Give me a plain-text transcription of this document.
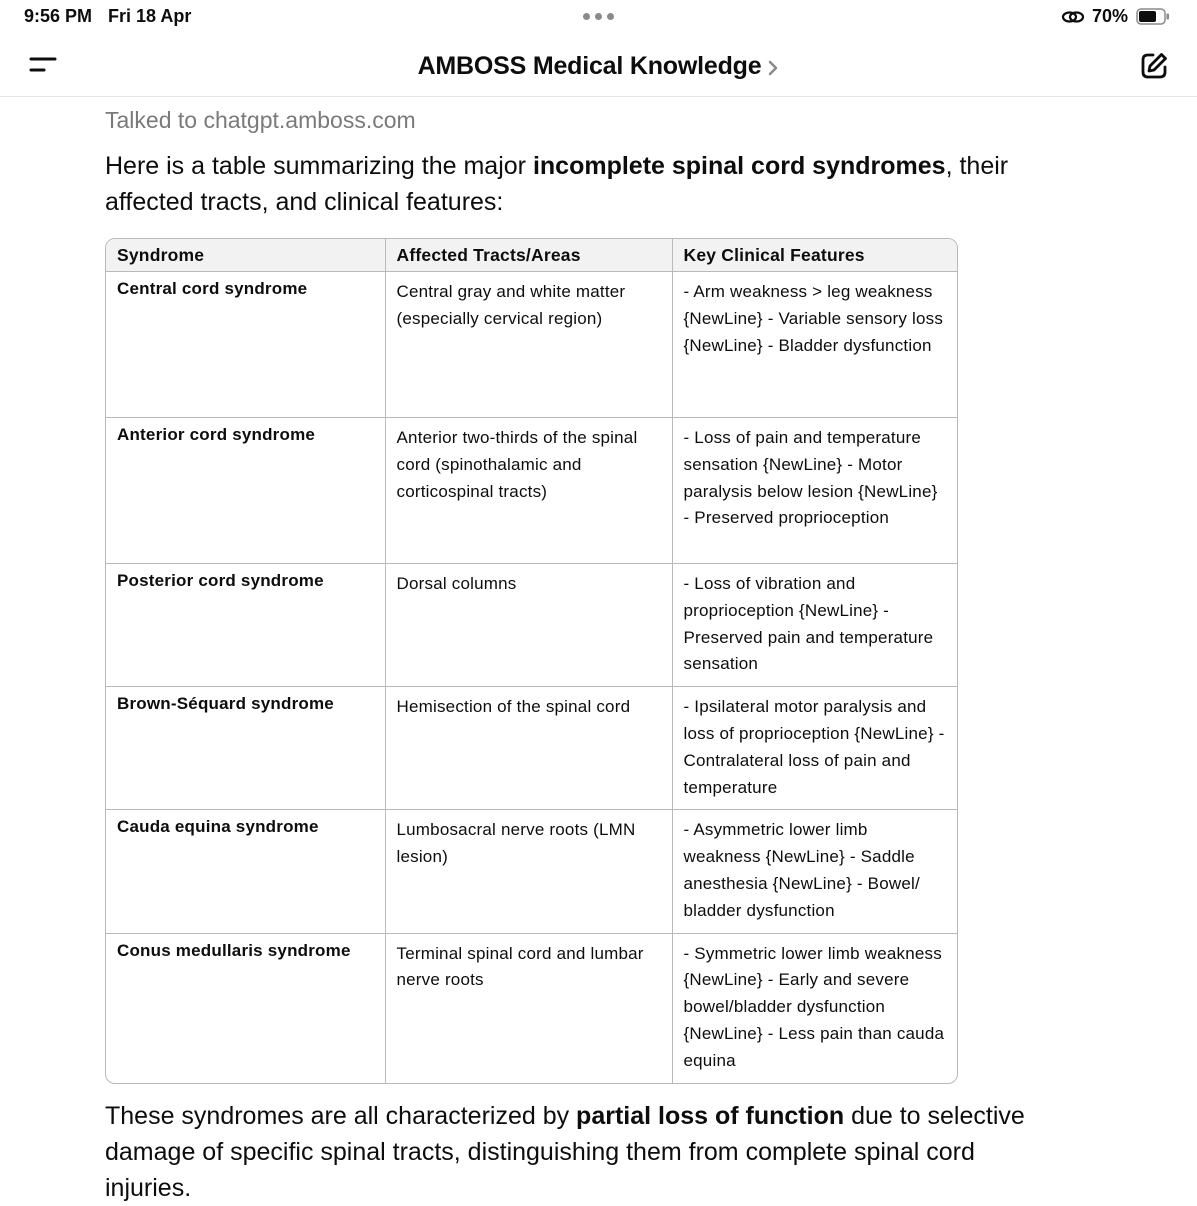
9:56 PM Fri 18 Apr	70%
AMBOSS Medical Knowledge

Talked to chatgpt.amboss.com

Here is a table summarizing the major incomplete spinal cord syndromes, their affected tracts, and clinical features:

Syndrome	Affected Tracts/Areas	Key Clinical Features
Central cord syndrome	Central gray and white matter (especially cervical region)	- Arm weakness > leg weakness {NewLine} - Variable sensory loss {NewLine} - Bladder dysfunction
Anterior cord syndrome	Anterior two-thirds of the spinal cord (spinothalamic and corticospinal tracts)	- Loss of pain and temperature sensation {NewLine} - Motor paralysis below lesion {NewLine} - Preserved proprioception
Posterior cord syndrome	Dorsal columns	- Loss of vibration and proprioception {NewLine} - Preserved pain and temperature sensation
Brown-Séquard syndrome	Hemisection of the spinal cord	- Ipsilateral motor paralysis and loss of proprioception {NewLine} - Contralateral loss of pain and temperature
Cauda equina syndrome	Lumbosacral nerve roots (LMN lesion)	- Asymmetric lower limb weakness {NewLine} - Saddle anesthesia {NewLine} - Bowel/ bladder dysfunction
Conus medullaris syndrome	Terminal spinal cord and lumbar nerve roots	- Symmetric lower limb weakness {NewLine} - Early and severe bowel/bladder dysfunction {NewLine} - Less pain than cauda equina

These syndromes are all characterized by partial loss of function due to selective damage of specific spinal tracts, distinguishing them from complete spinal cord injuries.
